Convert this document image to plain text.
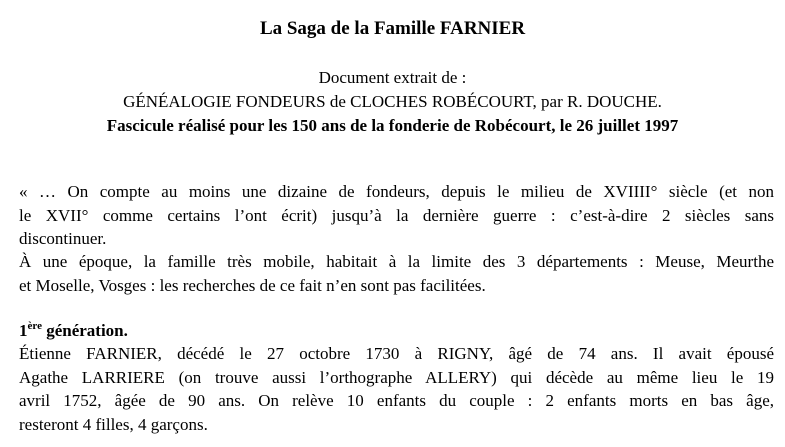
La Saga de la Famille FARNIER
Document extrait de :
GÉNÉALOGIE FONDEURS de CLOCHES ROBÉCOURT, par R. DOUCHE.
Fascicule réalisé pour les 150 ans de la fonderie de Robécourt, le 26 juillet 1997
« … On compte au moins une dizaine de fondeurs, depuis le milieu de XVIIII° siècle (et non
le XVII° comme certains l’ont écrit) jusqu’à la dernière guerre : c’est-à-dire 2 siècles sans
discontinuer.
À une époque, la famille très mobile, habitait à la limite des 3 départements : Meuse, Meurthe
et Moselle, Vosges : les recherches de ce fait n’en sont pas facilitées.
1ère génération.
Étienne FARNIER, décédé le 27 octobre 1730 à RIGNY, âgé de 74 ans. Il avait épousé
Agathe LARRIERE (on trouve aussi l’orthographe ALLERY) qui décède au même lieu le 19
avril 1752, âgée de 90 ans. On relève 10 enfants du couple : 2 enfants morts en bas âge,
resteront 4 filles, 4 garçons.
